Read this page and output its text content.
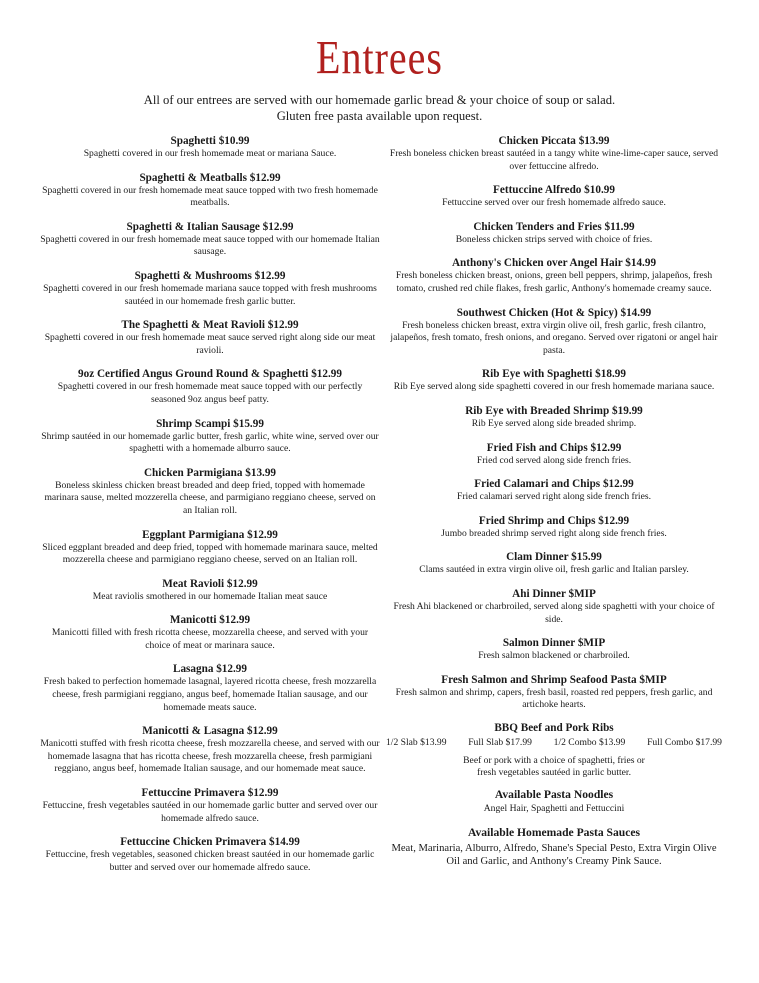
Entrees
All of our entrees are served with our homemade garlic bread & your choice of soup or salad.
Gluten free pasta available upon request.
Spaghetti $10.99
Spaghetti covered in our fresh homemade meat or mariana Sauce.
Spaghetti & Meatballs $12.99
Spaghetti covered in our fresh homemade meat sauce topped with two fresh homemade meatballs.
Spaghetti & Italian Sausage $12.99
Spaghetti covered in our fresh homemade meat sauce topped with our homemade Italian sausage.
Spaghetti & Mushrooms $12.99
Spaghetti covered in our fresh homemade mariana sauce topped with fresh mushrooms sautéed in our homemade fresh garlic butter.
The Spaghetti & Meat Ravioli $12.99
Spaghetti covered in our fresh homemade meat sauce served right along side our meat ravioli.
9oz Certified Angus Ground Round & Spaghetti $12.99
Spaghetti covered in our fresh homemade meat sauce topped with our perfectly seasoned 9oz angus beef patty.
Shrimp Scampi $15.99
Shrimp sautéed in our homemade garlic butter, fresh garlic, white wine, served over our spaghetti with a homemade alburro sauce.
Chicken Parmigiana $13.99
Boneless skinless chicken breast breaded and deep fried, topped with homemade marinara sause, melted mozzerella cheese, and parmigiano reggiano cheese, served on an Italian roll.
Eggplant Parmigiana $12.99
Sliced eggplant breaded and deep fried, topped with homemade marinara sauce, melted mozzerella cheese and parmigiano reggiano cheese, served on an Italian roll.
Meat Ravioli $12.99
Meat raviolis smothered in our homemade Italian meat sauce
Manicotti $12.99
Manicotti filled with fresh ricotta cheese, mozzarella cheese, and served with your choice of meat or marinara sauce.
Lasagna $12.99
Fresh baked to perfection homemade lasagnal, layered ricotta cheese, fresh mozzarella cheese, fresh parmigiani reggiano, angus beef, homemade Italian sausage, and our homemade meats sauce.
Manicotti & Lasagna $12.99
Manicotti stuffed with fresh ricotta cheese, fresh mozzarella cheese, and served with our homemade lasagna that has ricotta cheese, fresh mozzarella cheese, fresh parmigiani reggiano, angus beef, homemade Italian sausage, and our homemade meat sauce.
Fettuccine Primavera $12.99
Fettuccine, fresh vegetables sautéed in our homemade garlic butter and served over our homemade alfredo sauce.
Fettuccine Chicken Primavera $14.99
Fettuccine, fresh vegetables, seasoned chicken breast sautéed in our homemade garlic butter and served over our homemade alfredo sauce.
Chicken Piccata $13.99
Fresh boneless chicken breast sautéed in a tangy white wine-lime-caper sauce, served over fettuccine alfredo.
Fettuccine Alfredo $10.99
Fettuccine served over our fresh homemade alfredo sauce.
Chicken Tenders and Fries $11.99
Boneless chicken strips served with choice of fries.
Anthony's Chicken over Angel Hair $14.99
Fresh boneless chicken breast, onions, green bell peppers, shrimp, jalapeños, fresh tomato, crushed red chile flakes, fresh garlic, Anthony's homemade creamy sauce.
Southwest Chicken (Hot & Spicy) $14.99
Fresh boneless chicken breast, extra virgin olive oil, fresh garlic, fresh cilantro, jalapeños, fresh tomato, fresh onions, and oregano. Served over rigatoni or angel hair pasta.
Rib Eye with Spaghetti $18.99
Rib Eye served along side spaghetti covered in our fresh homemade mariana sauce.
Rib Eye with Breaded Shrimp $19.99
Rib Eye served along side breaded shrimp.
Fried Fish and Chips $12.99
Fried cod served along side french fries.
Fried Calamari and Chips $12.99
Fried calamari served right along side french fries.
Fried Shrimp and Chips $12.99
Jumbo breaded shrimp served right along side french fries.
Clam Dinner $15.99
Clams sautéed in extra virgin olive oil, fresh garlic and Italian parsley.
Ahi Dinner $MIP
Fresh Ahi blackened or charbroiled, served along side spaghetti with your choice of side.
Salmon Dinner $MIP
Fresh salmon blackened or charbroiled.
Fresh Salmon and Shrimp Seafood Pasta $MIP
Fresh salmon and shrimp, capers, fresh basil, roasted red peppers, fresh garlic, and artichoke hearts.
BBQ Beef and Pork Ribs
1/2 Slab $13.99 Full Slab $17.99 1/2 Combo $13.99 Full Combo $17.99
Beef or pork with a choice of spaghetti, fries or fresh vegetables sautéed in garlic butter.
Available Pasta Noodles
Angel Hair, Spaghetti and Fettuccini
Available Homemade Pasta Sauces
Meat, Marinaria, Alburro, Alfredo, Shane's Special Pesto, Extra Virgin Olive Oil and Garlic, and Anthony's Creamy Pink Sauce.
